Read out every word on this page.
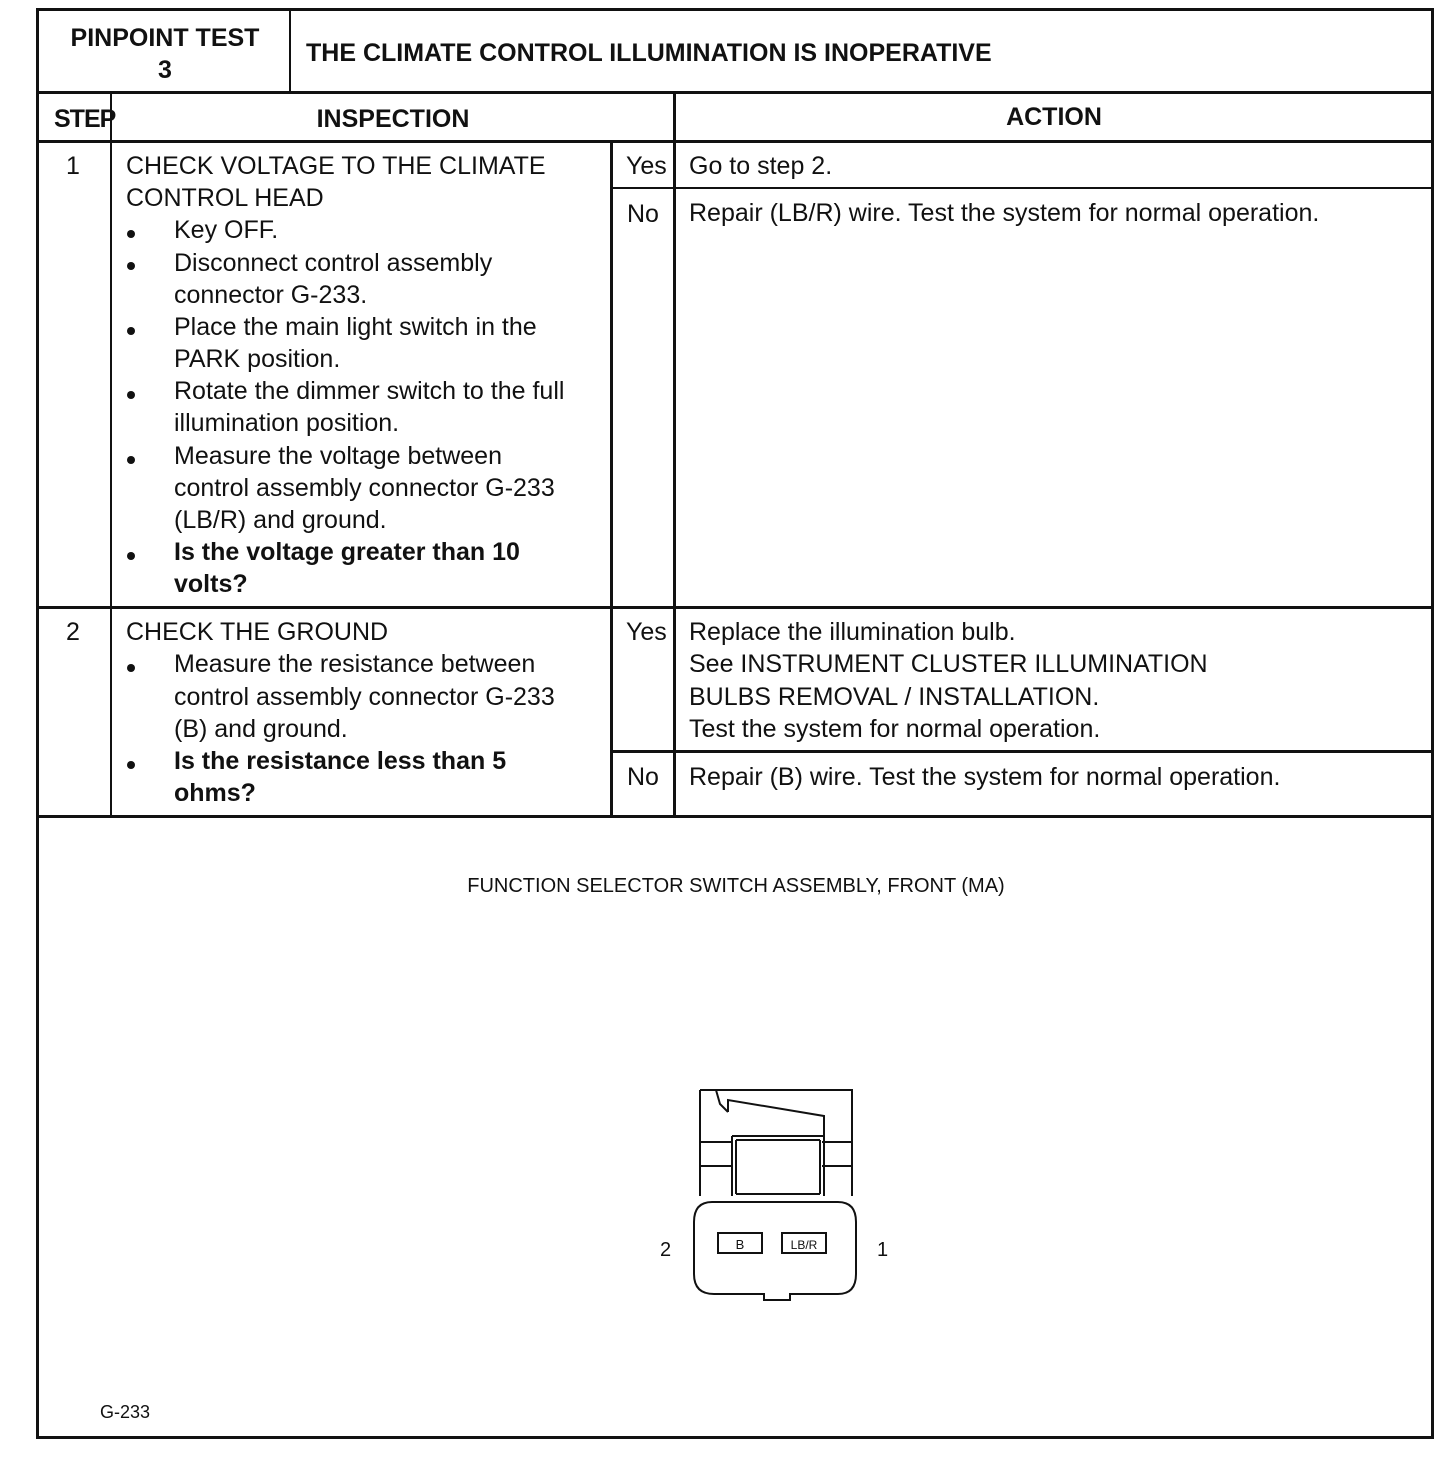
PINPOINT TEST
3
THE CLIMATE CONTROL ILLUMINATION IS INOPERATIVE
STEP	INSPECTION	ACTION
1 CHECK VOLTAGE TO THE CLIMATE
CONTROL HEAD
Key OFF.
Disconnect control assembly
connector G-233.
Place the main light switch in the
PARK position.
Rotate the dimmer switch to the full
illumination position.
Measure the voltage between
control assembly connector G-233
(LB/R) and ground.
Is the voltage greater than 10
volts?
Yes Go to step 2.
No Repair (LB/R) wire. Test the system for normal operation.
2 CHECK THE GROUND
Measure the resistance between
control assembly connector G-233
(B) and ground.
Is the resistance less than 5
ohms?
Yes Replace the illumination bulb.
See INSTRUMENT CLUSTER ILLUMINATION
BULBS REMOVAL / INSTALLATION.
Test the system for normal operation.
No Repair (B) wire. Test the system for normal operation.
FUNCTION SELECTOR SWITCH ASSEMBLY, FRONT (MA)
B	LB/R
2	1
G-233
